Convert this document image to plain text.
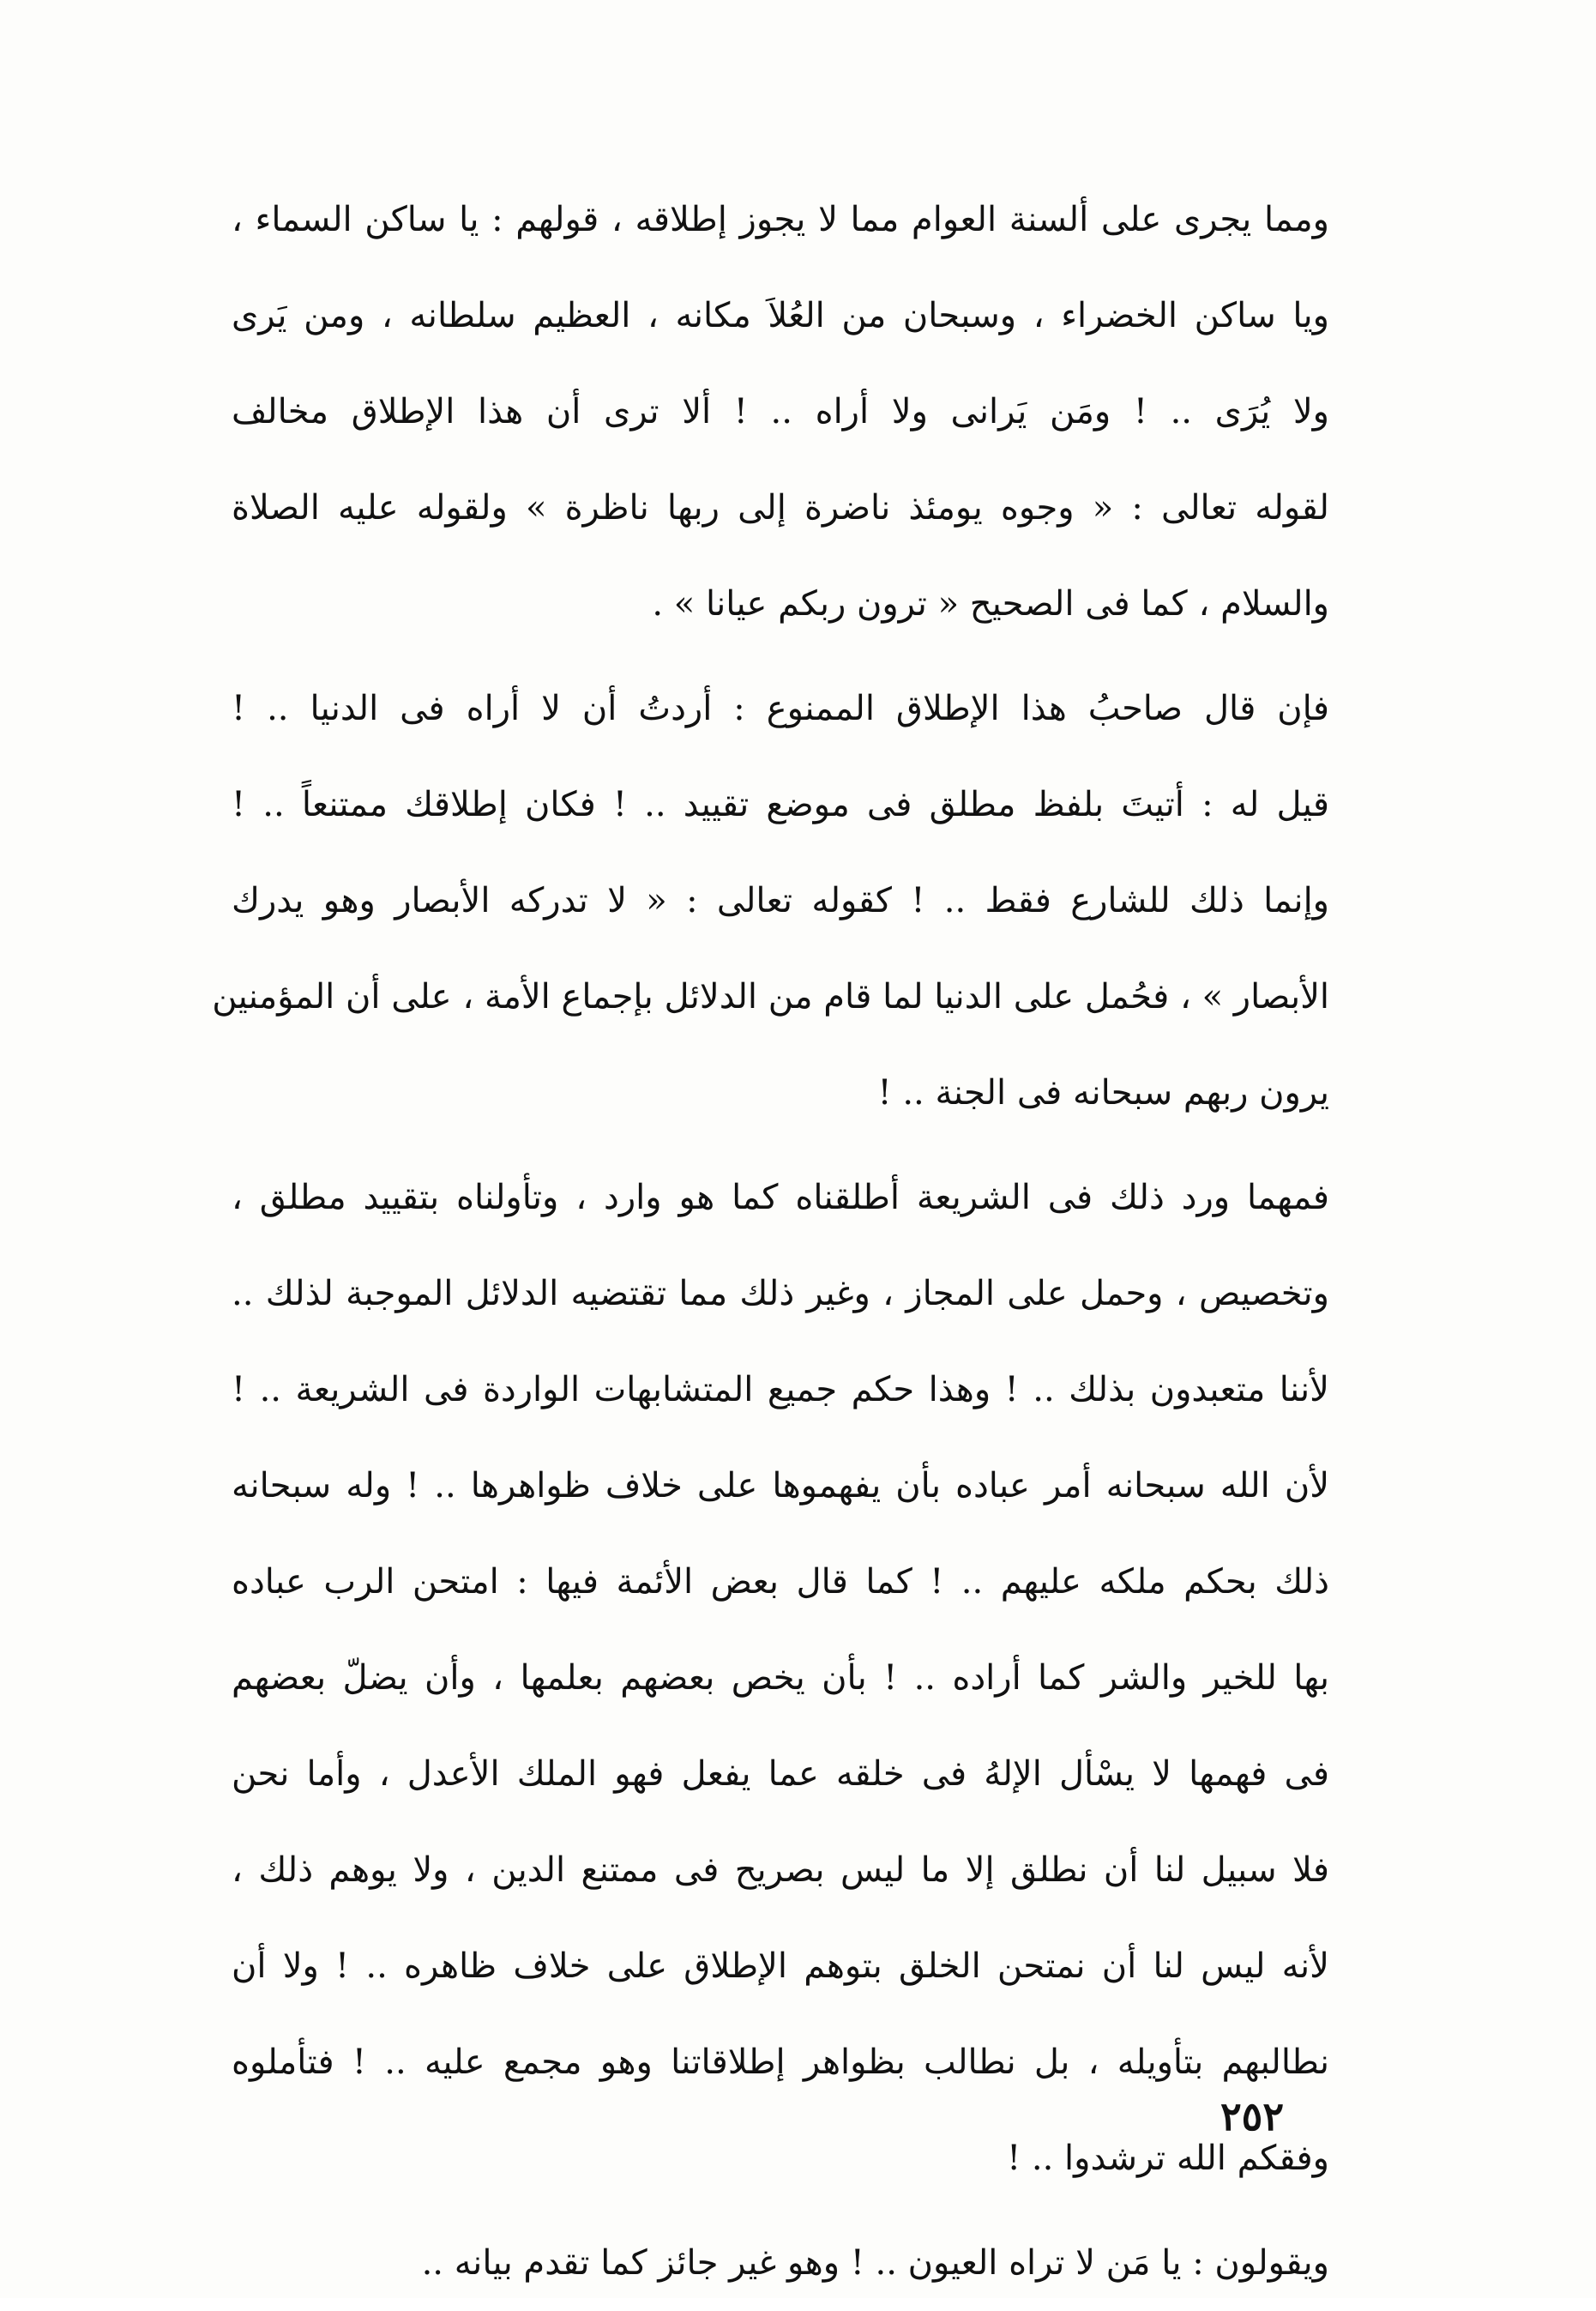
ومما يجرى على ألسنة العوام مما لا يجوز إطلاقه ، قولهم : يا ساكن السماء ،
ويا ساكن الخضراء ، وسبحان من العُلاَ مكانه ، العظيم سلطانه ، ومن يَرى
ولا يُرَى .. ! ومَن يَرانى ولا أراه .. ! ألا ترى أن هذا الإطلاق مخالف
لقوله تعالى : « وجوه يومئذ ناضرة إلى ربها ناظرة » ولقوله عليه الصلاة
والسلام ، كما فى الصحيح « ترون ربكم عيانا » .
فإن قال صاحبُ هذا الإطلاق الممنوع : أردتُ أن لا أراه فى الدنيا .. !
قيل له : أتيتَ بلفظ مطلق فى موضع تقييد .. ! فكان إطلاقك ممتنعاً .. !
وإنما ذلك للشارع فقط .. ! كقوله تعالى : « لا تدركه الأبصار وهو يدرك
الأبصار » ، فحُمل على الدنيا لما قام من الدلائل بإجماع الأمة ، على أن المؤمنين
يرون ربهم سبحانه فى الجنة .. !
فمهما ورد ذلك فى الشريعة أطلقناه كما هو وارد ، وتأولناه بتقييد مطلق ،
وتخصيص ، وحمل على المجاز ، وغير ذلك مما تقتضيه الدلائل الموجبة لذلك ..
لأننا متعبدون بذلك .. ! وهذا حكم جميع المتشابهات الواردة فى الشريعة .. !
لأن الله سبحانه أمر عباده بأن يفهموها على خلاف ظواهرها .. ! وله سبحانه
ذلك بحكم ملكه عليهم .. ! كما قال بعض الأئمة فيها : امتحن الرب عباده
بها للخير والشر كما أراده .. ! بأن يخص بعضهم بعلمها ، وأن يضلّ بعضهم
فى فهمها لا يسْأل الإلهُ فى خلقه عما يفعل فهو الملك الأعدل ، وأما نحن
فلا سبيل لنا أن نطلق إلا ما ليس بصريح فى ممتنع الدين ، ولا يوهم ذلك ،
لأنه ليس لنا أن نمتحن الخلق بتوهم الإطلاق على خلاف ظاهره .. ! ولا أن
نطالبهم بتأويله ، بل نطالب بظواهر إطلاقاتنا وهو مجمع عليه .. ! فتأملوه
وفقكم الله ترشدوا .. !
ويقولون : يا مَن لا تراه العيون .. ! وهو غير جائز كما تقدم بيانه ..
٢٥٢
